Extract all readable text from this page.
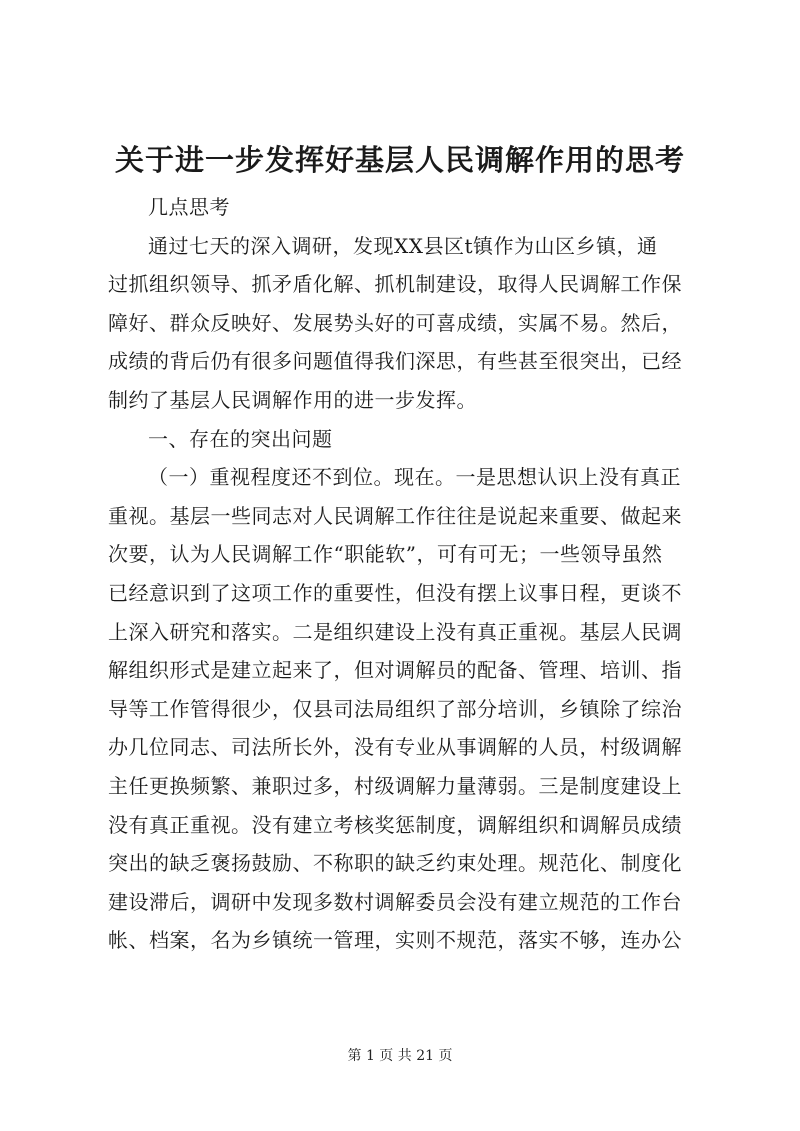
关于进一步发挥好基层人民调解作用的思考
几点思考
通过七天的深入调研，发现XX县区t镇作为山区乡镇，通
过抓组织领导、抓矛盾化解、抓机制建设，取得人民调解工作保
障好、群众反映好、发展势头好的可喜成绩，实属不易。然后，
成绩的背后仍有很多问题值得我们深思，有些甚至很突出，已经
制约了基层人民调解作用的进一步发挥。
一、存在的突出问题
（一）重视程度还不到位。现在。一是思想认识上没有真正
重视。基层一些同志对人民调解工作往往是说起来重要、做起来
次要，认为人民调解工作“职能软”，可有可无；一些领导虽然
已经意识到了这项工作的重要性，但没有摆上议事日程，更谈不
上深入研究和落实。二是组织建设上没有真正重视。基层人民调
解组织形式是建立起来了，但对调解员的配备、管理、培训、指
导等工作管得很少，仅县司法局组织了部分培训，乡镇除了综治
办几位同志、司法所长外，没有专业从事调解的人员，村级调解
主任更换频繁、兼职过多，村级调解力量薄弱。三是制度建设上
没有真正重视。没有建立考核奖惩制度，调解组织和调解员成绩
突出的缺乏褒扬鼓励、不称职的缺乏约束处理。规范化、制度化
建设滞后，调研中发现多数村调解委员会没有建立规范的工作台
帐、档案，名为乡镇统一管理，实则不规范，落实不够，连办公
第 1 页 共 21 页
